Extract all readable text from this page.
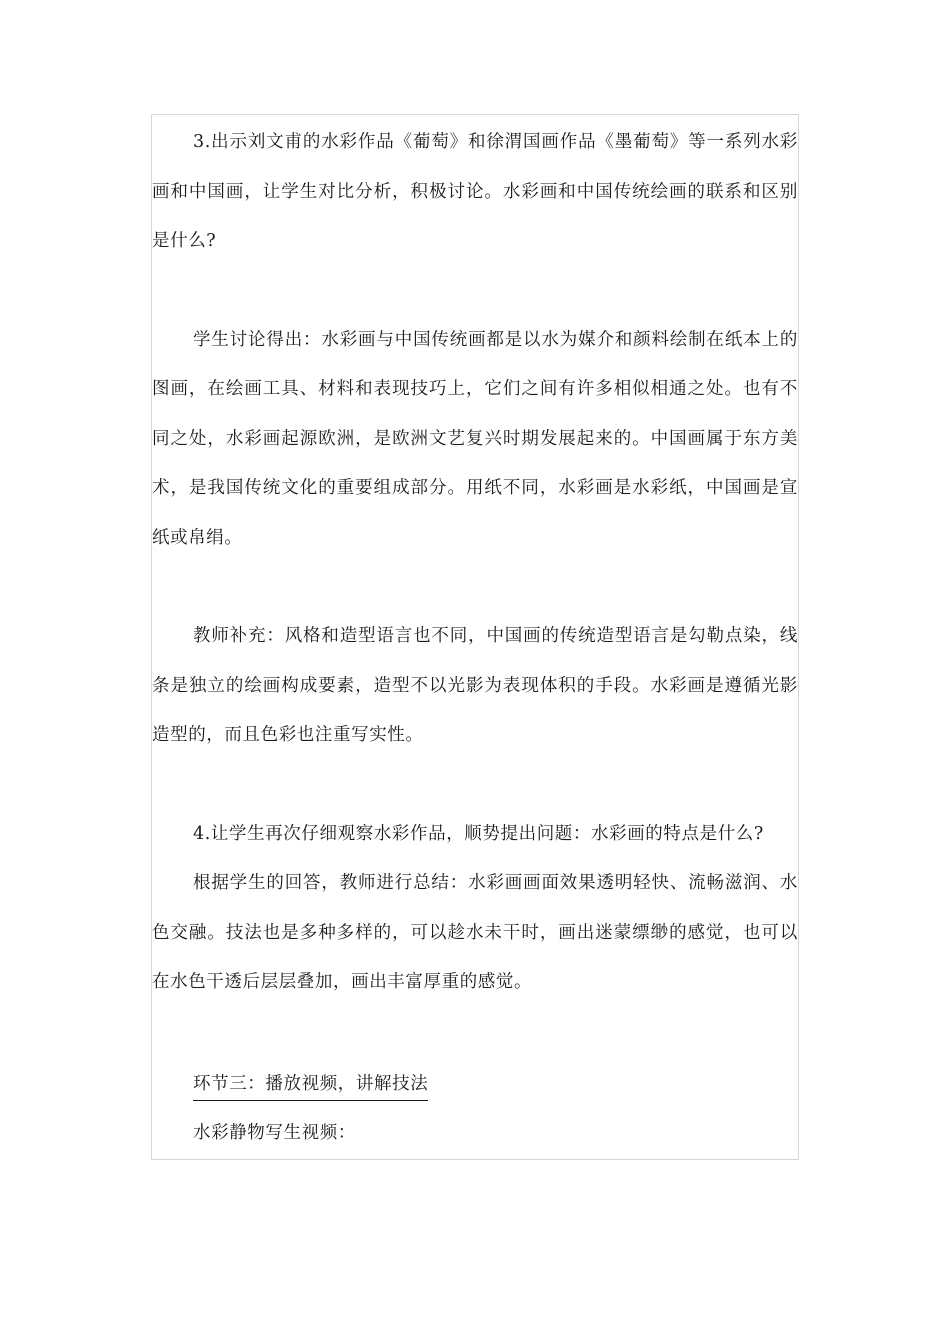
3.出示刘文甫的水彩作品《葡萄》和徐渭国画作品《墨葡萄》等一系列水彩画和中国画，让学生对比分析，积极讨论。水彩画和中国传统绘画的联系和区别是什么?

学生讨论得出：水彩画与中国传统画都是以水为媒介和颜料绘制在纸本上的图画，在绘画工具、材料和表现技巧上，它们之间有许多相似相通之处。也有不同之处，水彩画起源欧洲，是欧洲文艺复兴时期发展起来的。中国画属于东方美术，是我国传统文化的重要组成部分。用纸不同，水彩画是水彩纸，中国画是宣纸或帛绢。

教师补充：风格和造型语言也不同，中国画的传统造型语言是勾勒点染，线条是独立的绘画构成要素，造型不以光影为表现体积的手段。水彩画是遵循光影造型的，而且色彩也注重写实性。

4.让学生再次仔细观察水彩作品，顺势提出问题：水彩画的特点是什么?

根据学生的回答，教师进行总结：水彩画画面效果透明轻快、流畅滋润、水色交融。技法也是多种多样的，可以趁水未干时，画出迷蒙缥缈的感觉，也可以在水色干透后层层叠加，画出丰富厚重的感觉。

环节三：播放视频，讲解技法

水彩静物写生视频：
